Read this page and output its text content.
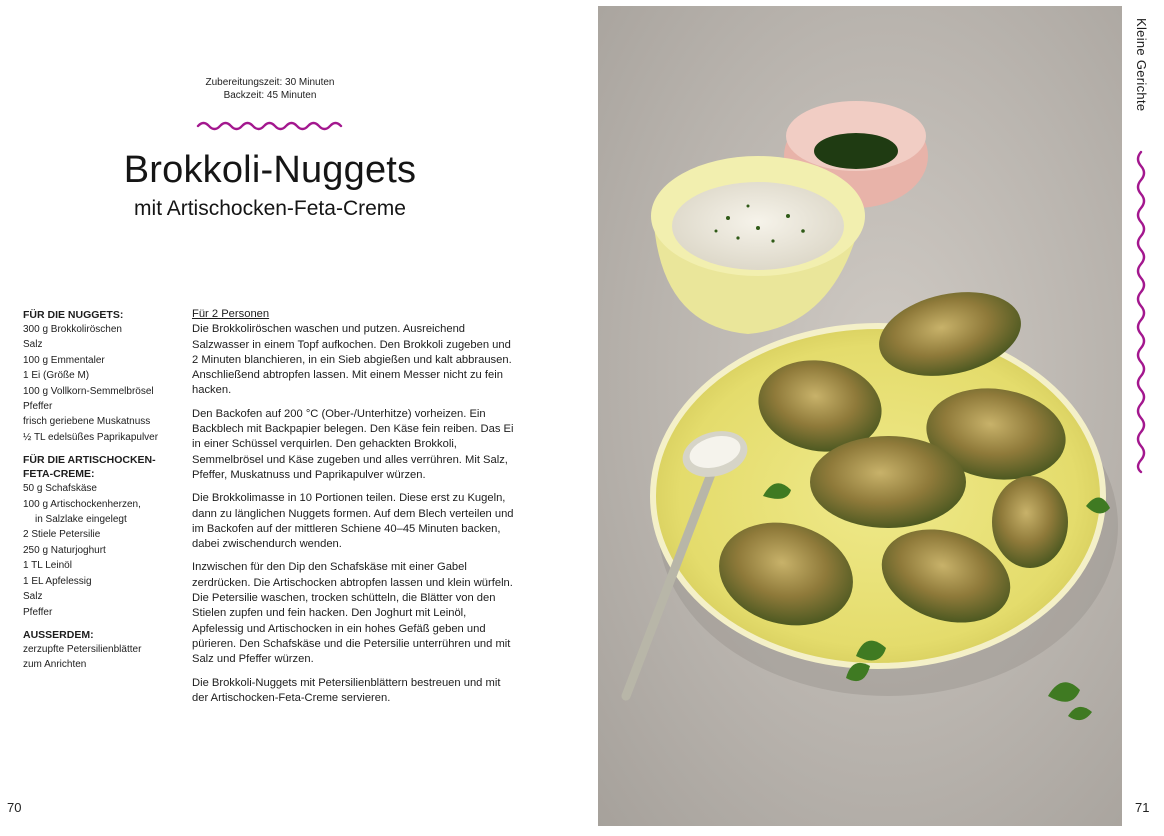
Zubereitungszeit: 30 Minuten
Backzeit: 45 Minuten
Brokkoli-Nuggets
mit Artischocken-Feta-Creme
FÜR DIE NUGGETS:
300 g Brokkoliröschen
Salz
100 g Emmentaler
1 Ei (Größe M)
100 g Vollkorn-Semmelbrösel
Pfeffer
frisch geriebene Muskatnuss
½ TL edelsüßes Paprikapulver
FÜR DIE ARTISCHOCKEN-
FETA-CREME:
50 g Schafskäse
100 g Artischockenherzen,
in Salzlake eingelegt
2 Stiele Petersilie
250 g Naturjoghurt
1 TL Leinöl
1 EL Apfelessig
Salz
Pfeffer
AUSSERDEM:
zerzupfte Petersilienblätter
zum Anrichten
Für 2 Personen

Die Brokkoliröschen waschen und putzen. Ausreichend Salzwasser in einem Topf aufkochen. Den Brokkoli zugeben und 2 Minuten blanchieren, in ein Sieb abgießen und kalt abbrausen. Anschließend abtropfen lassen. Mit einem Messer nicht zu fein hacken.

Den Backofen auf 200 °C (Ober-/Unterhitze) vorheizen. Ein Backblech mit Backpapier belegen. Den Käse fein reiben. Das Ei in einer Schüssel verquirlen. Den gehackten Brokkoli, Semmelbrösel und Käse zugeben und alles verrühren. Mit Salz, Pfeffer, Muskatnuss und Paprikapulver würzen.

Die Brokkolimasse in 10 Portionen teilen. Diese erst zu Kugeln, dann zu länglichen Nuggets formen. Auf dem Blech verteilen und im Backofen auf der mittleren Schiene 40–45 Minuten backen, dabei zwischendurch wenden.

Inzwischen für den Dip den Schafskäse mit einer Gabel zerdrücken. Die Artischocken abtropfen lassen und klein würfeln. Die Petersilie waschen, trocken schütteln, die Blätter von den Stielen zupfen und fein hacken. Den Joghurt mit Leinöl, Apfelessig und Artischocken in ein hohes Gefäß geben und pürieren. Den Schafskäse und die Petersilie unterrühren und mit Salz und Pfeffer würzen.

Die Brokkoli-Nuggets mit Petersilienblättern bestreuen und mit der Artischocken-Feta-Creme servieren.

70
Kleine Gerichte
71
